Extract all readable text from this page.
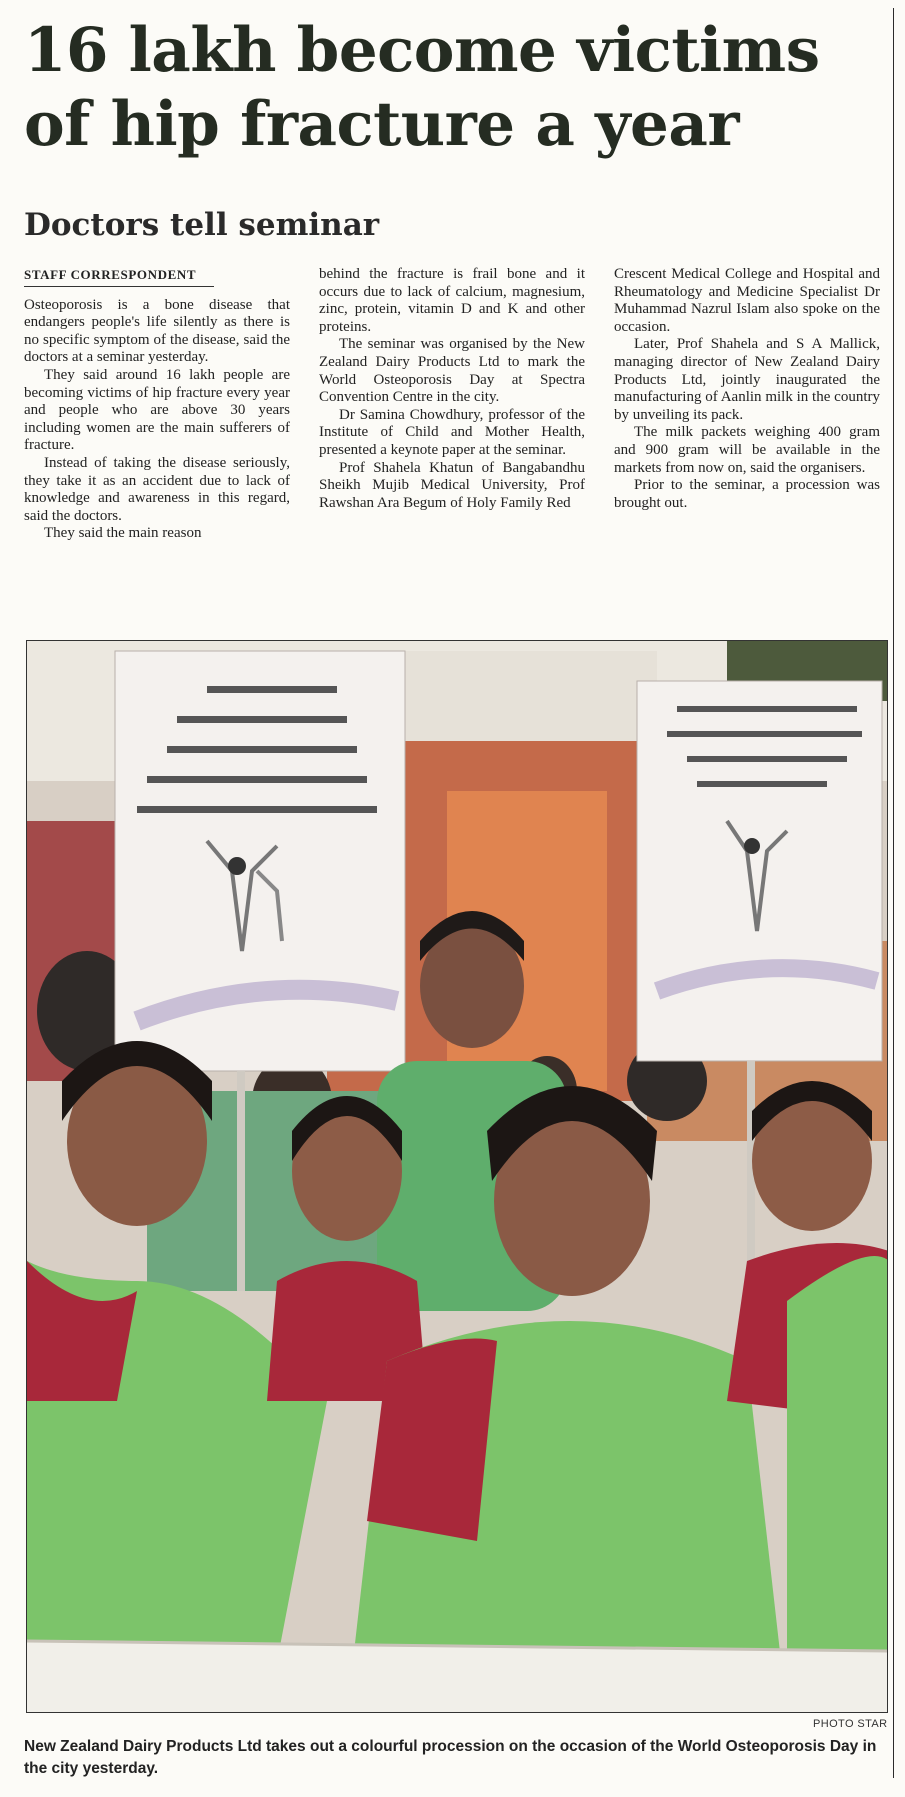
16 lakh become victims of hip fracture a year
Doctors tell seminar
STAFF CORRESPONDENT

Osteoporosis is a bone disease that endangers people's life silently as there is no specific symptom of the disease, said the doctors at a seminar yesterday.

They said around 16 lakh people are becoming victims of hip fracture every year and people who are above 30 years including women are the main sufferers of fracture.

Instead of taking the disease seriously, they take it as an accident due to lack of knowledge and awareness in this regard, said the doctors.

They said the main reason

behind the fracture is frail bone and it occurs due to lack of calcium, magnesium, zinc, protein, vitamin D and K and other proteins.

The seminar was organised by the New Zealand Dairy Products Ltd to mark the World Osteoporosis Day at Spectra Convention Centre in the city.

Dr Samina Chowdhury, professor of the Institute of Child and Mother Health, presented a keynote paper at the seminar.

Prof Shahela Khatun of Bangabandhu Sheikh Mujib Medical University, Prof Rawshan Ara Begum of Holy Family Red

Crescent Medical College and Hospital and Rheumatology and Medicine Specialist Dr Muhammad Nazrul Islam also spoke on the occasion.

Later, Prof Shahela and S A Mallick, managing director of New Zealand Dairy Products Ltd, jointly inaugurated the manufacturing of Aanlin milk in the country by unveiling its pack.

The milk packets weighing 400 gram and 900 gram will be available in the markets from now on, said the organisers.

Prior to the seminar, a procession was brought out.

PHOTO STAR
New Zealand Dairy Products Ltd takes out a colourful procession on the occasion of the World Osteoporosis Day in the city yesterday.
